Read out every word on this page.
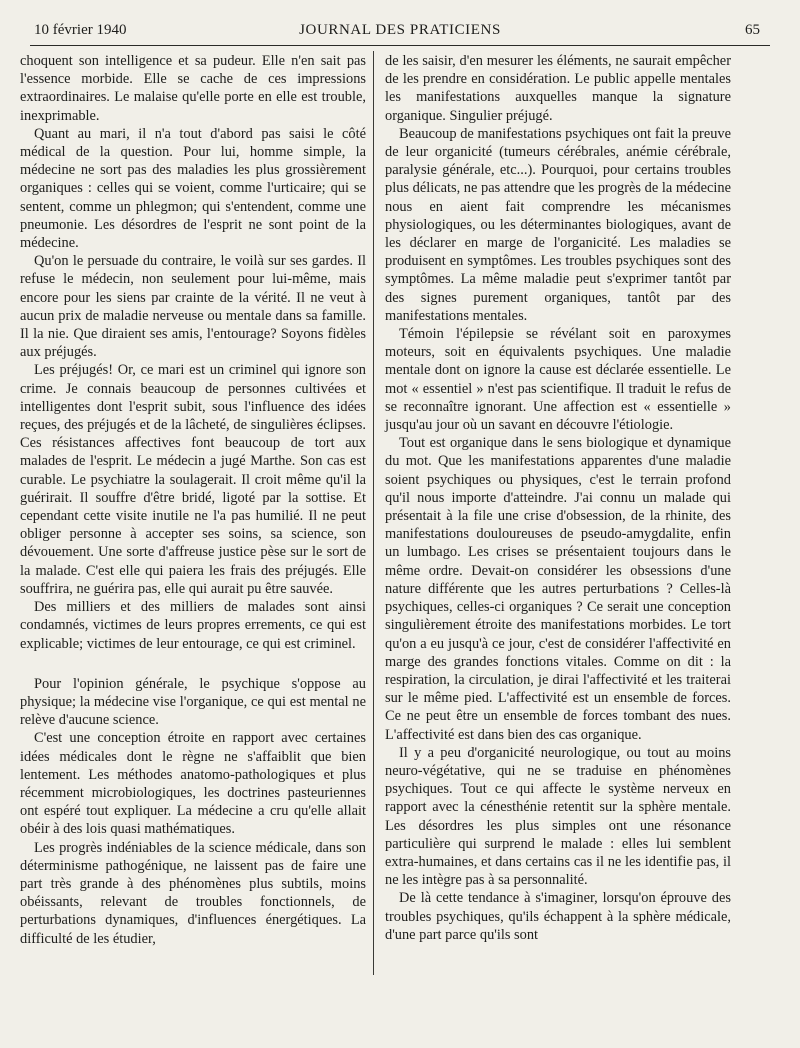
10 février 1940	JOURNAL DES PRATICIENS	65

choquent son intelligence et sa pudeur. Elle n'en sait pas l'essence morbide. Elle se cache de ces impressions extraordinaires. Le malaise qu'elle porte en elle est trouble, inexprimable.

Quant au mari, il n'a tout d'abord pas saisi le côté médical de la question. Pour lui, homme simple, la médecine ne sort pas des maladies les plus grossièrement organiques : celles qui se voient, comme l'urticaire; qui se sentent, comme un phlegmon; qui s'entendent, comme une pneumonie. Les désordres de l'esprit ne sont point de la médecine.

Qu'on le persuade du contraire, le voilà sur ses gardes. Il refuse le médecin, non seulement pour lui-même, mais encore pour les siens par crainte de la vérité. Il ne veut à aucun prix de maladie nerveuse ou mentale dans sa famille. Il la nie. Que diraient ses amis, l'entourage? Soyons fidèles aux préjugés.

Les préjugés! Or, ce mari est un criminel qui ignore son crime. Je connais beaucoup de personnes cultivées et intelligentes dont l'esprit subit, sous l'influence des idées reçues, des préjugés et de la lâcheté, de singulières éclipses. Ces résistances affectives font beaucoup de tort aux malades de l'esprit. Le médecin a jugé Marthe. Son cas est curable. Le psychiatre la soulagerait. Il croit même qu'il la guérirait. Il souffre d'être bridé, ligoté par la sottise. Et cependant cette visite inutile ne l'a pas humilié. Il ne peut obliger personne à accepter ses soins, sa science, son dévouement. Une sorte d'affreuse justice pèse sur le sort de la malade. C'est elle qui paiera les frais des préjugés. Elle souffrira, ne guérira pas, elle qui aurait pu être sauvée.

Des milliers et des milliers de malades sont ainsi condamnés, victimes de leurs propres errements, ce qui est explicable; victimes de leur entourage, ce qui est criminel.

Pour l'opinion générale, le psychique s'oppose au physique; la médecine vise l'organique, ce qui est mental ne relève d'aucune science.

C'est une conception étroite en rapport avec certaines idées médicales dont le règne ne s'affaiblit que bien lentement. Les méthodes anatomo-pathologiques et plus récemment microbiologiques, les doctrines pasteuriennes ont espéré tout expliquer. La médecine a cru qu'elle allait obéir à des lois quasi mathématiques.

Les progrès indéniables de la science médicale, dans son déterminisme pathogénique, ne laissent pas de faire une part très grande à des phénomènes plus subtils, moins obéissants, relevant de troubles fonctionnels, de perturbations dynamiques, d'influences énergétiques. La difficulté de les étudier,

de les saisir, d'en mesurer les éléments, ne saurait empêcher de les prendre en considération. Le public appelle mentales les manifestations auxquelles manque la signature organique. Singulier préjugé.

Beaucoup de manifestations psychiques ont fait la preuve de leur organicité (tumeurs cérébrales, anémie cérébrale, paralysie générale, etc...). Pourquoi, pour certains troubles plus délicats, ne pas attendre que les progrès de la médecine nous en aient fait comprendre les mécanismes physiologiques, ou les déterminantes biologiques, avant de les déclarer en marge de l'organicité. Les maladies se produisent en symptômes. Les troubles psychiques sont des symptômes. La même maladie peut s'exprimer tantôt par des signes purement organiques, tantôt par des manifestations mentales.

Témoin l'épilepsie se révélant soit en paroxymes moteurs, soit en équivalents psychiques. Une maladie mentale dont on ignore la cause est déclarée essentielle. Le mot « essentiel » n'est pas scientifique. Il traduit le refus de se reconnaître ignorant. Une affection est « essentielle » jusqu'au jour où un savant en découvre l'étiologie.

Tout est organique dans le sens biologique et dynamique du mot. Que les manifestations apparentes d'une maladie soient psychiques ou physiques, c'est le terrain profond qu'il nous importe d'atteindre. J'ai connu un malade qui présentait à la file une crise d'obsession, de la rhinite, des manifestations douloureuses de pseudo-amygdalite, enfin un lumbago. Les crises se présentaient toujours dans le même ordre. Devait-on considérer les obsessions d'une nature différente que les autres perturbations ? Celles-là psychiques, celles-ci organiques ? Ce serait une conception singulièrement étroite des manifestations morbides. Le tort qu'on a eu jusqu'à ce jour, c'est de considérer l'affectivité en marge des grandes fonctions vitales. Comme on dit : la respiration, la circulation, je dirai l'affectivité et les traiterai sur le même pied. L'affectivité est un ensemble de forces. Ce ne peut être un ensemble de forces tombant des nues. L'affectivité est dans bien des cas organique.

Il y a peu d'organicité neurologique, ou tout au moins neuro-végétative, qui ne se traduise en phénomènes psychiques. Tout ce qui affecte le système nerveux en rapport avec la cénesthénie retentit sur la sphère mentale. Les désordres les plus simples ont une résonance particulière qui surprend le malade : elles lui semblent extra-humaines, et dans certains cas il ne les identifie pas, il ne les intègre pas à sa personnalité.

De là cette tendance à s'imaginer, lorsqu'on éprouve des troubles psychiques, qu'ils échappent à la sphère médicale, d'une part parce qu'ils sont
